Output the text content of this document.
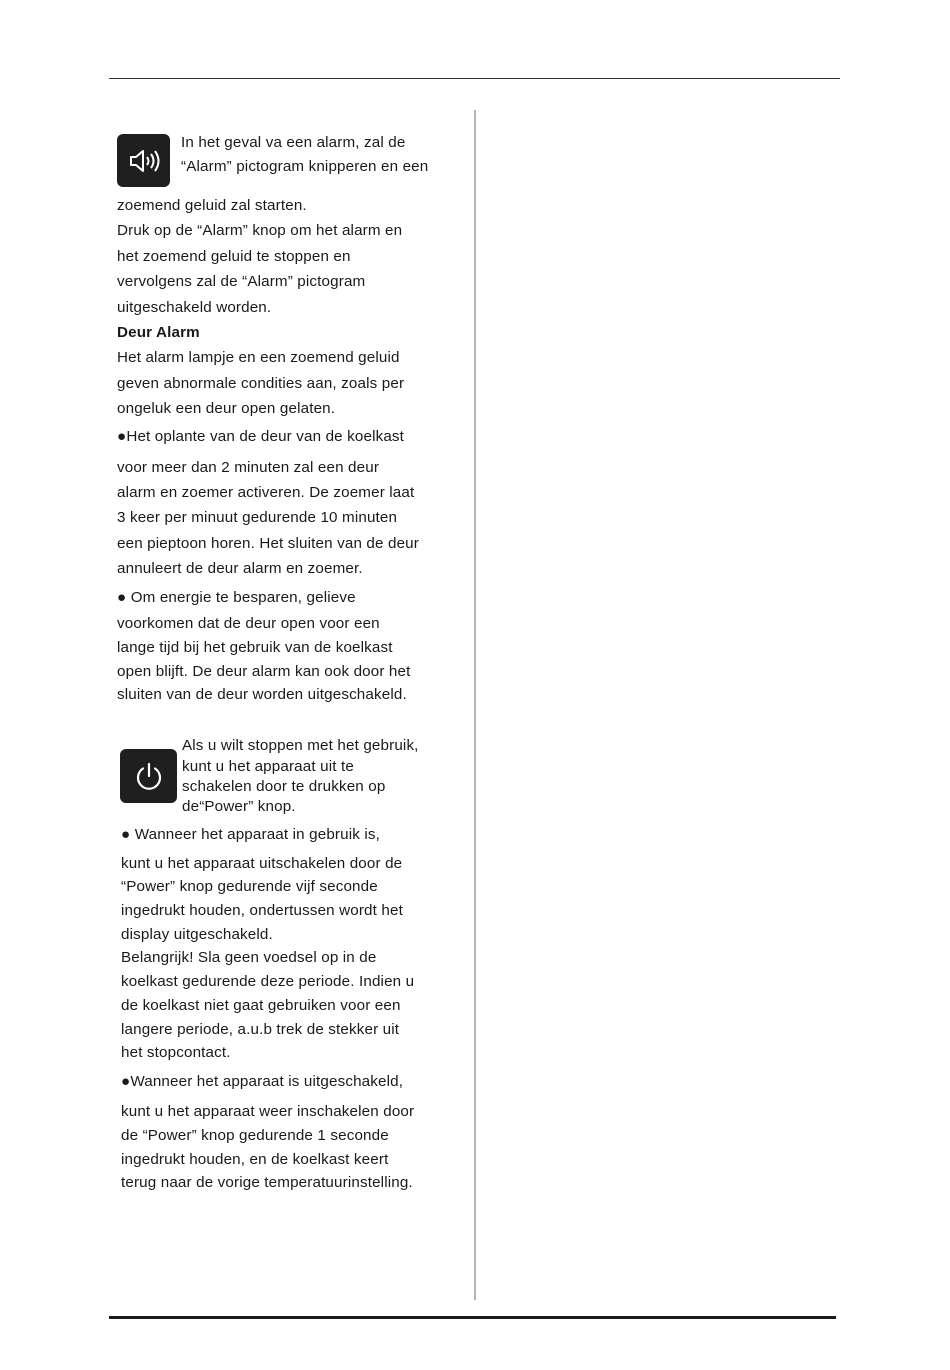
In het geval va een alarm, zal de
“Alarm” pictogram knipperen en een
zoemend geluid zal starten.
Druk op de “Alarm” knop om het alarm en
het zoemend geluid te stoppen en
vervolgens zal de “Alarm” pictogram
uitgeschakeld worden.
Deur Alarm
Het alarm lampje en een zoemend geluid
geven abnormale condities aan, zoals per
ongeluk een deur open gelaten.
●Het oplante van de deur van de koelkast
voor meer dan 2 minuten zal een deur
alarm en zoemer activeren. De zoemer laat
3 keer per minuut gedurende 10 minuten
een pieptoon horen. Het sluiten van de deur
annuleert de deur alarm en zoemer.
● Om energie te besparen, gelieve
voorkomen dat de deur open voor een
lange tijd bij het gebruik van de koelkast
open blijft. De deur alarm kan ook door het
sluiten van de deur worden uitgeschakeld.
Als u wilt stoppen met het gebruik,
kunt u het apparaat uit te
schakelen door te drukken op
de“Power” knop.
● Wanneer het apparaat in gebruik is,
kunt u het apparaat uitschakelen door de
“Power” knop gedurende vijf seconde
ingedrukt houden, ondertussen wordt het
display uitgeschakeld.
Belangrijk! Sla geen voedsel op in de
koelkast gedurende deze periode. Indien u
de koelkast niet gaat gebruiken voor een
langere periode, a.u.b trek de stekker uit
het stopcontact.
●Wanneer het apparaat is uitgeschakeld,
kunt u het apparaat weer inschakelen door
de “Power” knop gedurende 1 seconde
ingedrukt houden, en de koelkast keert
terug naar de vorige temperatuurinstelling.
